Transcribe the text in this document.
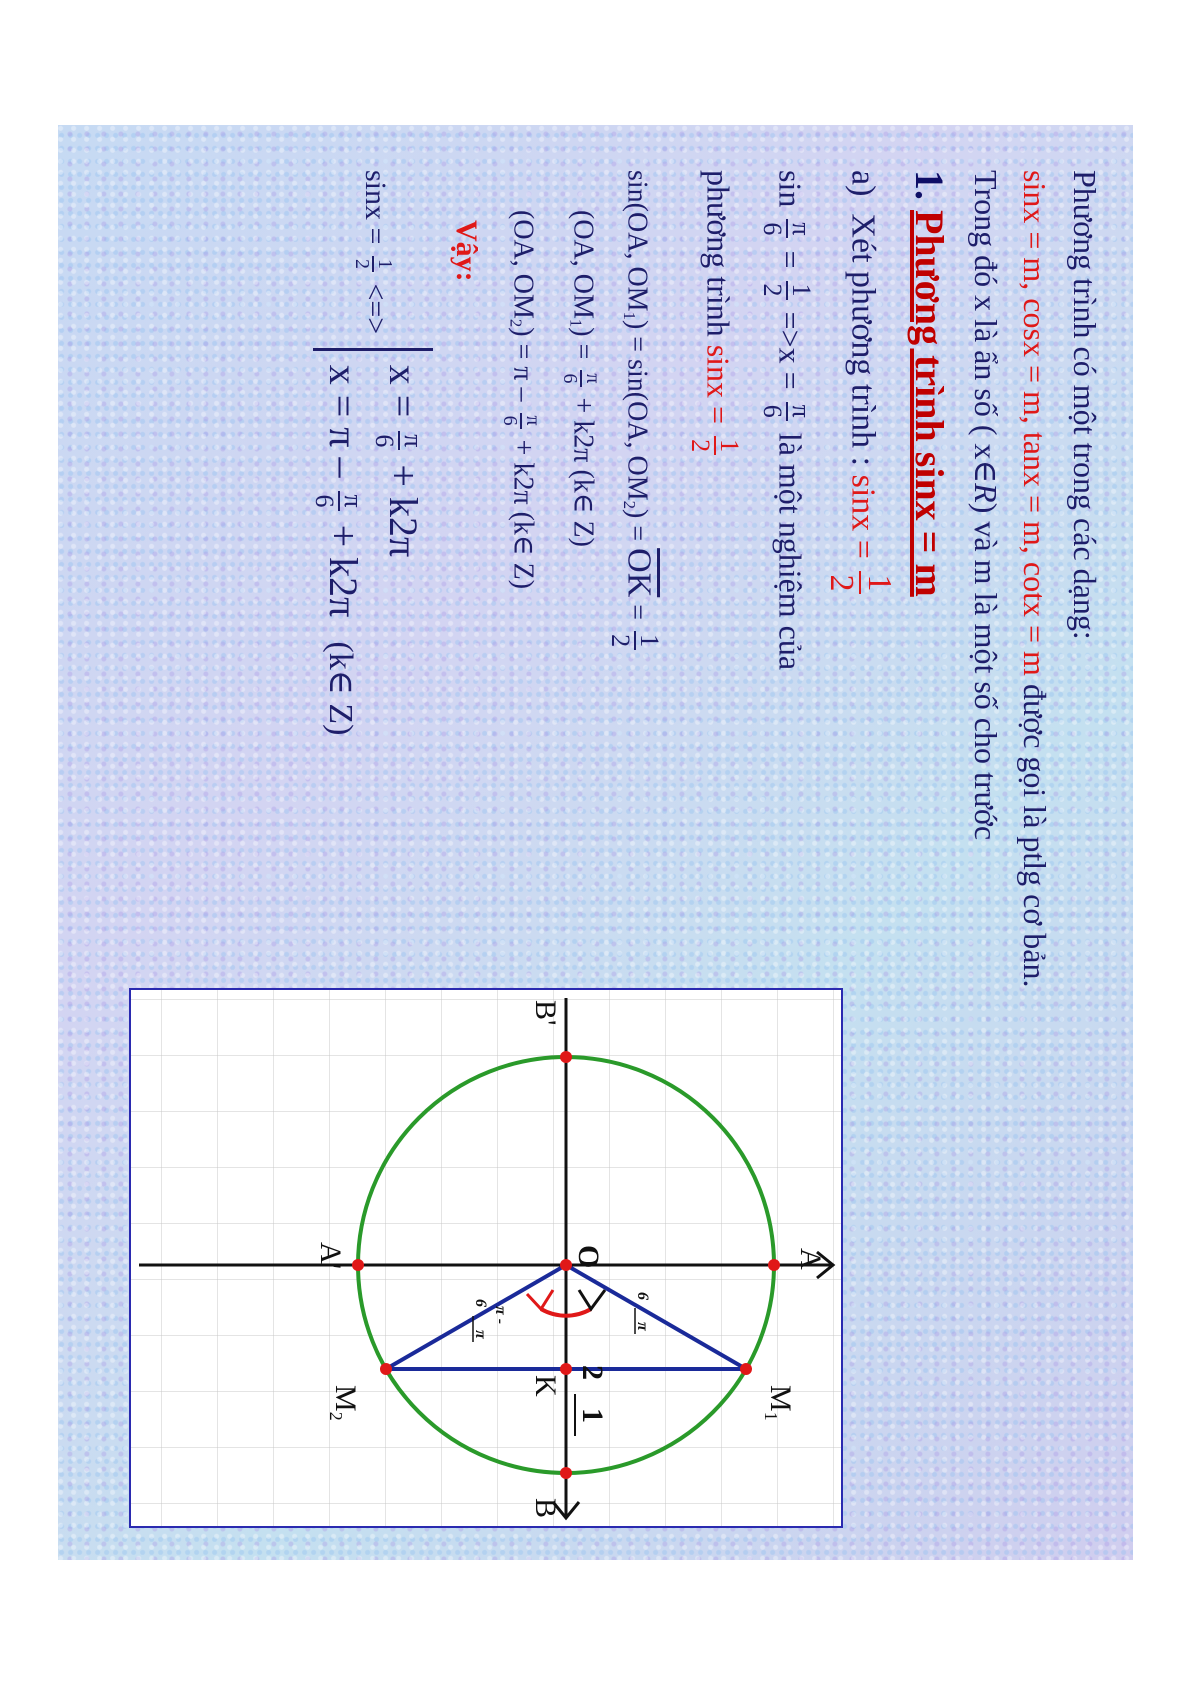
Phương trình có một trong các dạng:
sinx = m, cosx = m, tanx = m, cotx = m được gọi là ptlg cơ bản.
Trong đó x là ẩn số ( x∈R) và m là một số cho trước
1. Phương trình sinx = m
a)  Xét phương trình : sinx =
1
2
sin
π
6
=
1
2
=>x =
π
6
là một nghiệm của
phương trình sinx =
1
2
sin(OA, $OM_1) = \sin(OA$, $OM_2) = \overline{OK}$ =
1
2
(OA, $OM_1$) =
π
6
+ k2π (k∈ Z)
(OA, $OM_2) = \pi$ –
π
6
+ k2π (k∈ Z)
Vậy:
sinx =
1
2
<=>
x =
π
6
+ k2π
x = π –
π
6
+ k2π (k∈ Z)
B
B'
A
A'	O
K	$M_1$
$M_2$	1
2
π
6
π -
π
6
